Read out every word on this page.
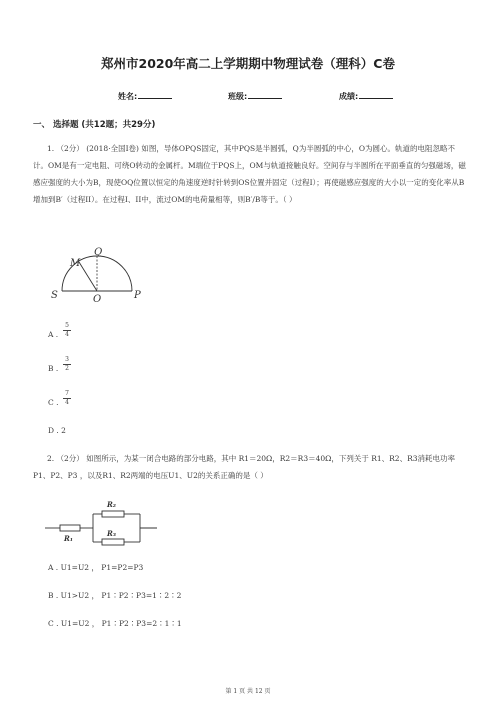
郑州市2020年高二上学期期中物理试卷（理科）C卷
姓名:	班级:	成绩:
一、 选择题 (共12题；共29分)
1. （2分） (2018·全国Ⅰ卷) 如图，导体OPQS固定，其中PQS是半圆弧，Q为半圆弧的中心，O为圆心。轨道的电阻忽略不计。OM是有一定电阻、可绕O转动的金属杆。M端位于PQS上，OM与轨道接触良好。空间存与半圆所在平面垂直的匀强磁场，磁感应强度的大小为B，现使OQ位置以恒定的角速度逆时针转到OS位置并固定（过程Ⅰ）；再使磁感应强度的大小以一定的变化率从B增加到B′（过程II）。在过程I、II中，流过OM的电荷量相等，则B′/B等于。（ ）
M
Q
S	O	P
A .
5
4
B .
3
2
C .
7
4
D . 2
2. （2分） 如图所示，为某一闭合电路的部分电路，其中 R1＝20Ω，R2＝R3＝40Ω，下列关于 R1、R2、R3消耗电功率P1、P2、P3 ，以及R1、R2两端的电压U1、U2的关系正确的是（ ）
R₁
R₂
R₃
A . U1=U2 ， P1=P2=P3
B . U1>U2 ， P1∶P2∶P3=1∶2∶2
C . U1=U2 ， P1∶P2∶P3=2∶1∶1
第 1 页 共 12 页
